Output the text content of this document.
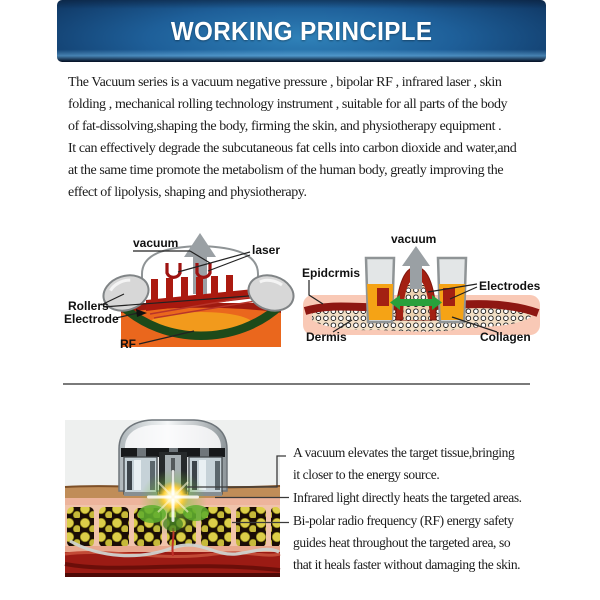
WORKING PRINCIPLE
The Vacuum series is a vacuum negative pressure , bipolar RF , infrared laser , skin
folding , mechanical rolling technology instrument , suitable for all parts of the body
of fat-dissolving,shaping the body, firming the skin, and physiotherapy equipment .
It can effectively degrade the subcutaneous fat cells into carbon dioxide and water,and
at the same time promote the metabolism of the human body, greatly improving the
effect of lipolysis, shaping and physiotherapy.
vacuum	laser
Rollers
Electrode
RF
vacuum
Epidcrmis
Electrodes
Dermis	Collagen
A vacuum elevates the target tissue,bringing
it closer to the energy source.
Infrared light directly heats the targeted areas.
Bi-polar radio frequency (RF) energy safety
guides heat throughout the targeted area, so
that it heals faster without damaging the skin.
